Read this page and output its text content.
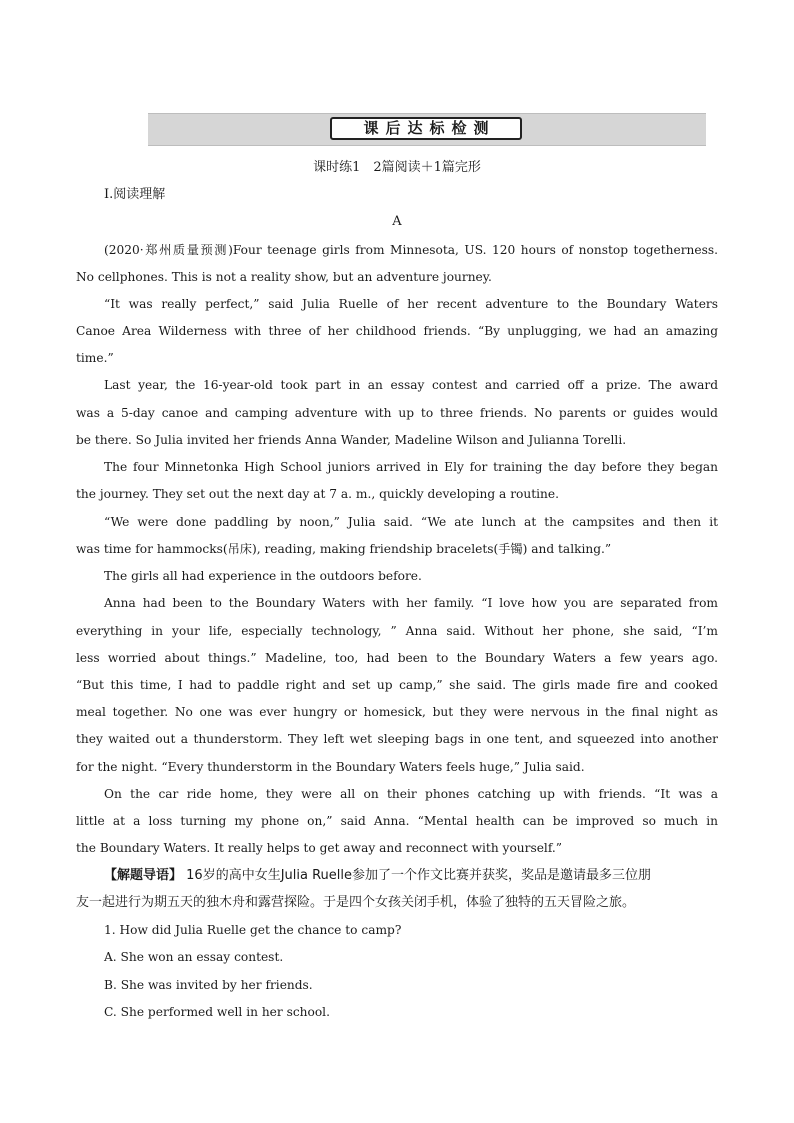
课后达标检测
课时练1　2篇阅读＋1篇完形
Ⅰ.阅读理解
A
(2020·郑州质量预测)Four teenage girls from Minnesota, US. 120 hours of nonstop togetherness.
No cellphones. This is not a reality show, but an adventure journey.
“It was really perfect,” said Julia Ruelle of her recent adventure to the Boundary Waters
Canoe Area Wilderness with three of her childhood friends. “By unplugging, we had an amazing
time.”
Last year, the 16-year-old took part in an essay contest and carried off a prize. The award
was a 5-day canoe and camping adventure with up to three friends. No parents or guides would
be there. So Julia invited her friends Anna Wander, Madeline Wilson and Julianna Torelli.
The four Minnetonka High School juniors arrived in Ely for training the day before they began
the journey. They set out the next day at 7 a. m., quickly developing a routine.
“We were done paddling by noon,” Julia said. “We ate lunch at the campsites and then it
was time for hammocks(吊床), reading, making friendship bracelets(手镯) and talking.”
The girls all had experience in the outdoors before.
Anna had been to the Boundary Waters with her family. “I love how you are separated from
everything in your life, especially technology, ” Anna said. Without her phone, she said, “I’m
less worried about things.” Madeline, too, had been to the Boundary Waters a few years ago.
“But this time, I had to paddle right and set up camp,” she said. The girls made fire and cooked
meal together. No one was ever hungry or homesick, but they were nervous in the final night as
they waited out a thunderstorm. They left wet sleeping bags in one tent, and squeezed into another
for the night. “Every thunderstorm in the Boundary Waters feels huge,” Julia said.
On the car ride home, they were all on their phones catching up with friends. “It was a
little at a loss turning my phone on,” said Anna. “Mental health can be improved so much in
the Boundary Waters. It really helps to get away and reconnect with yourself.”
【解题导语】 16岁的高中女生Julia Ruelle参加了一个作文比赛并获奖，奖品是邀请最多三位朋
友一起进行为期五天的独木舟和露营探险。于是四个女孩关闭手机，体验了独特的五天冒险之旅。
1. How did Julia Ruelle get the chance to camp?
A. She won an essay contest.
B. She was invited by her friends.
C. She performed well in her school.
